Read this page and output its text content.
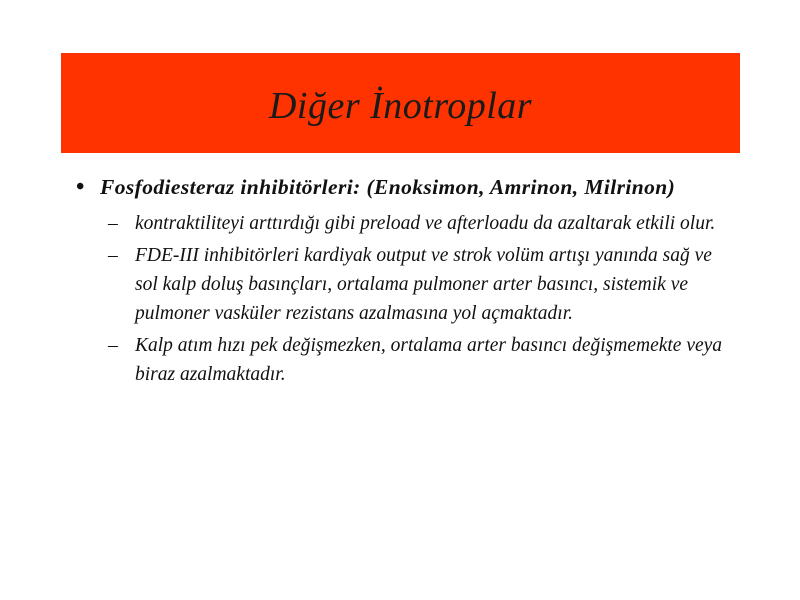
Diğer İnotroplar
• Fosfodiesteraz inhibitörleri: (Enoksimon, Amrinon, Milrinon)
– kontraktiliteyi arttırdığı gibi preload ve afterloadu da azaltarak etkili olur.
– FDE-III inhibitörleri kardiyak output ve strok volüm artışı yanında sağ ve sol kalp doluş basınçları, ortalama pulmoner arter basıncı, sistemik ve pulmoner vasküler rezistans azalmasına yol açmaktadır.
– Kalp atım hızı pek değişmezken, ortalama arter basıncı değişmemekte veya biraz azalmaktadır.
